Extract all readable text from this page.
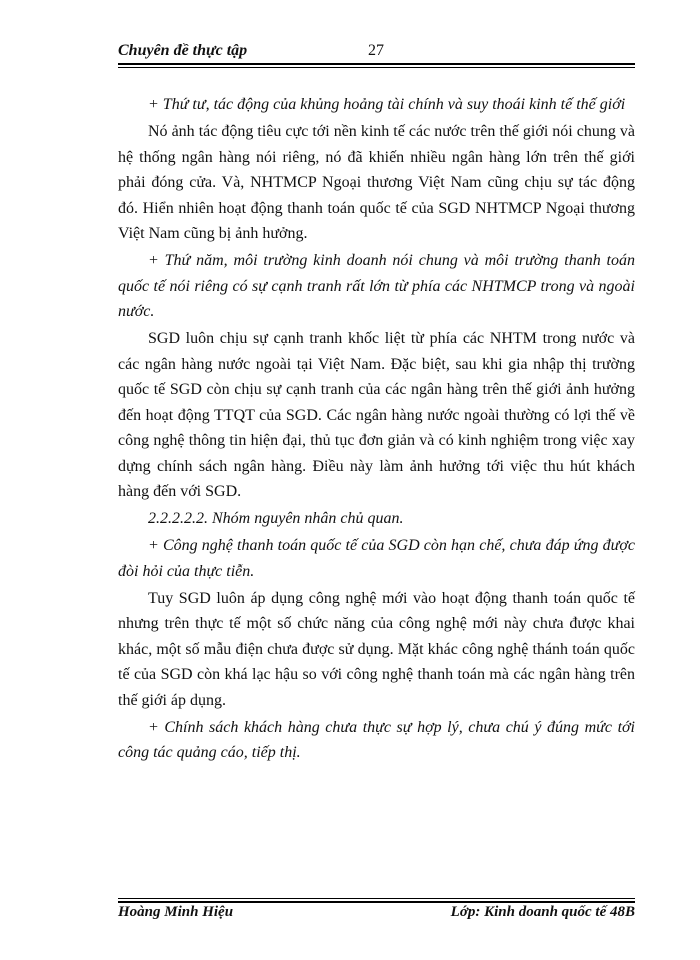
Chuyên đề thực tập	27

+ Thứ tư, tác động của khủng hoảng tài chính và suy thoái kinh tế thế giới

Nó ảnh tác động tiêu cực tới nền kinh tế các nước trên thế giới nói chung và hệ thống ngân hàng nói riêng, nó đã khiến nhiều ngân hàng lớn trên thế giới phải đóng cửa. Và, NHTMCP Ngoại thương Việt Nam cũng chịu sự tác động đó. Hiển nhiên hoạt động thanh toán quốc tế của SGD NHTMCP Ngoại thương Việt Nam cũng bị ảnh hưởng.

+ Thứ năm, môi trường kinh doanh nói chung và môi trường thanh toán quốc tế nói riêng có sự cạnh tranh rất lớn từ phía các NHTMCP trong và ngoài nước.

SGD luôn chịu sự cạnh tranh khốc liệt từ phía các NHTM trong nước và các ngân hàng nước ngoài tại Việt Nam. Đặc biệt, sau khi gia nhập thị trường quốc tế SGD còn chịu sự cạnh tranh của các ngân hàng trên thế giới ảnh hưởng đến hoạt động TTQT của SGD. Các ngân hàng nước ngoài thường có lợi thế về công nghệ thông tin hiện đại, thủ tục đơn giản và có kinh nghiệm trong việc xay dựng chính sách ngân hàng. Điều này làm ảnh hưởng tới việc thu hút khách hàng đến với SGD.

2.2.2.2.2. Nhóm nguyên nhân chủ quan.

+ Công nghệ thanh toán quốc tế của SGD còn hạn chế, chưa đáp ứng được đòi hỏi của thực tiễn.

Tuy SGD luôn áp dụng công nghệ mới vào hoạt động thanh toán quốc tế nhưng trên thực tế một số chức năng của công nghệ mới này chưa được khai khác, một số mẫu điện chưa được sử dụng. Mặt khác công nghệ thánh toán quốc tế của SGD còn khá lạc hậu so với công nghệ thanh toán mà các ngân hàng trên thế giới áp dụng.

+ Chính sách khách hàng chưa thực sự hợp lý, chưa chú ý đúng mức tới công tác quảng cáo, tiếp thị.

Hoàng Minh Hiệu	Lớp: Kinh doanh quốc tế 48B
